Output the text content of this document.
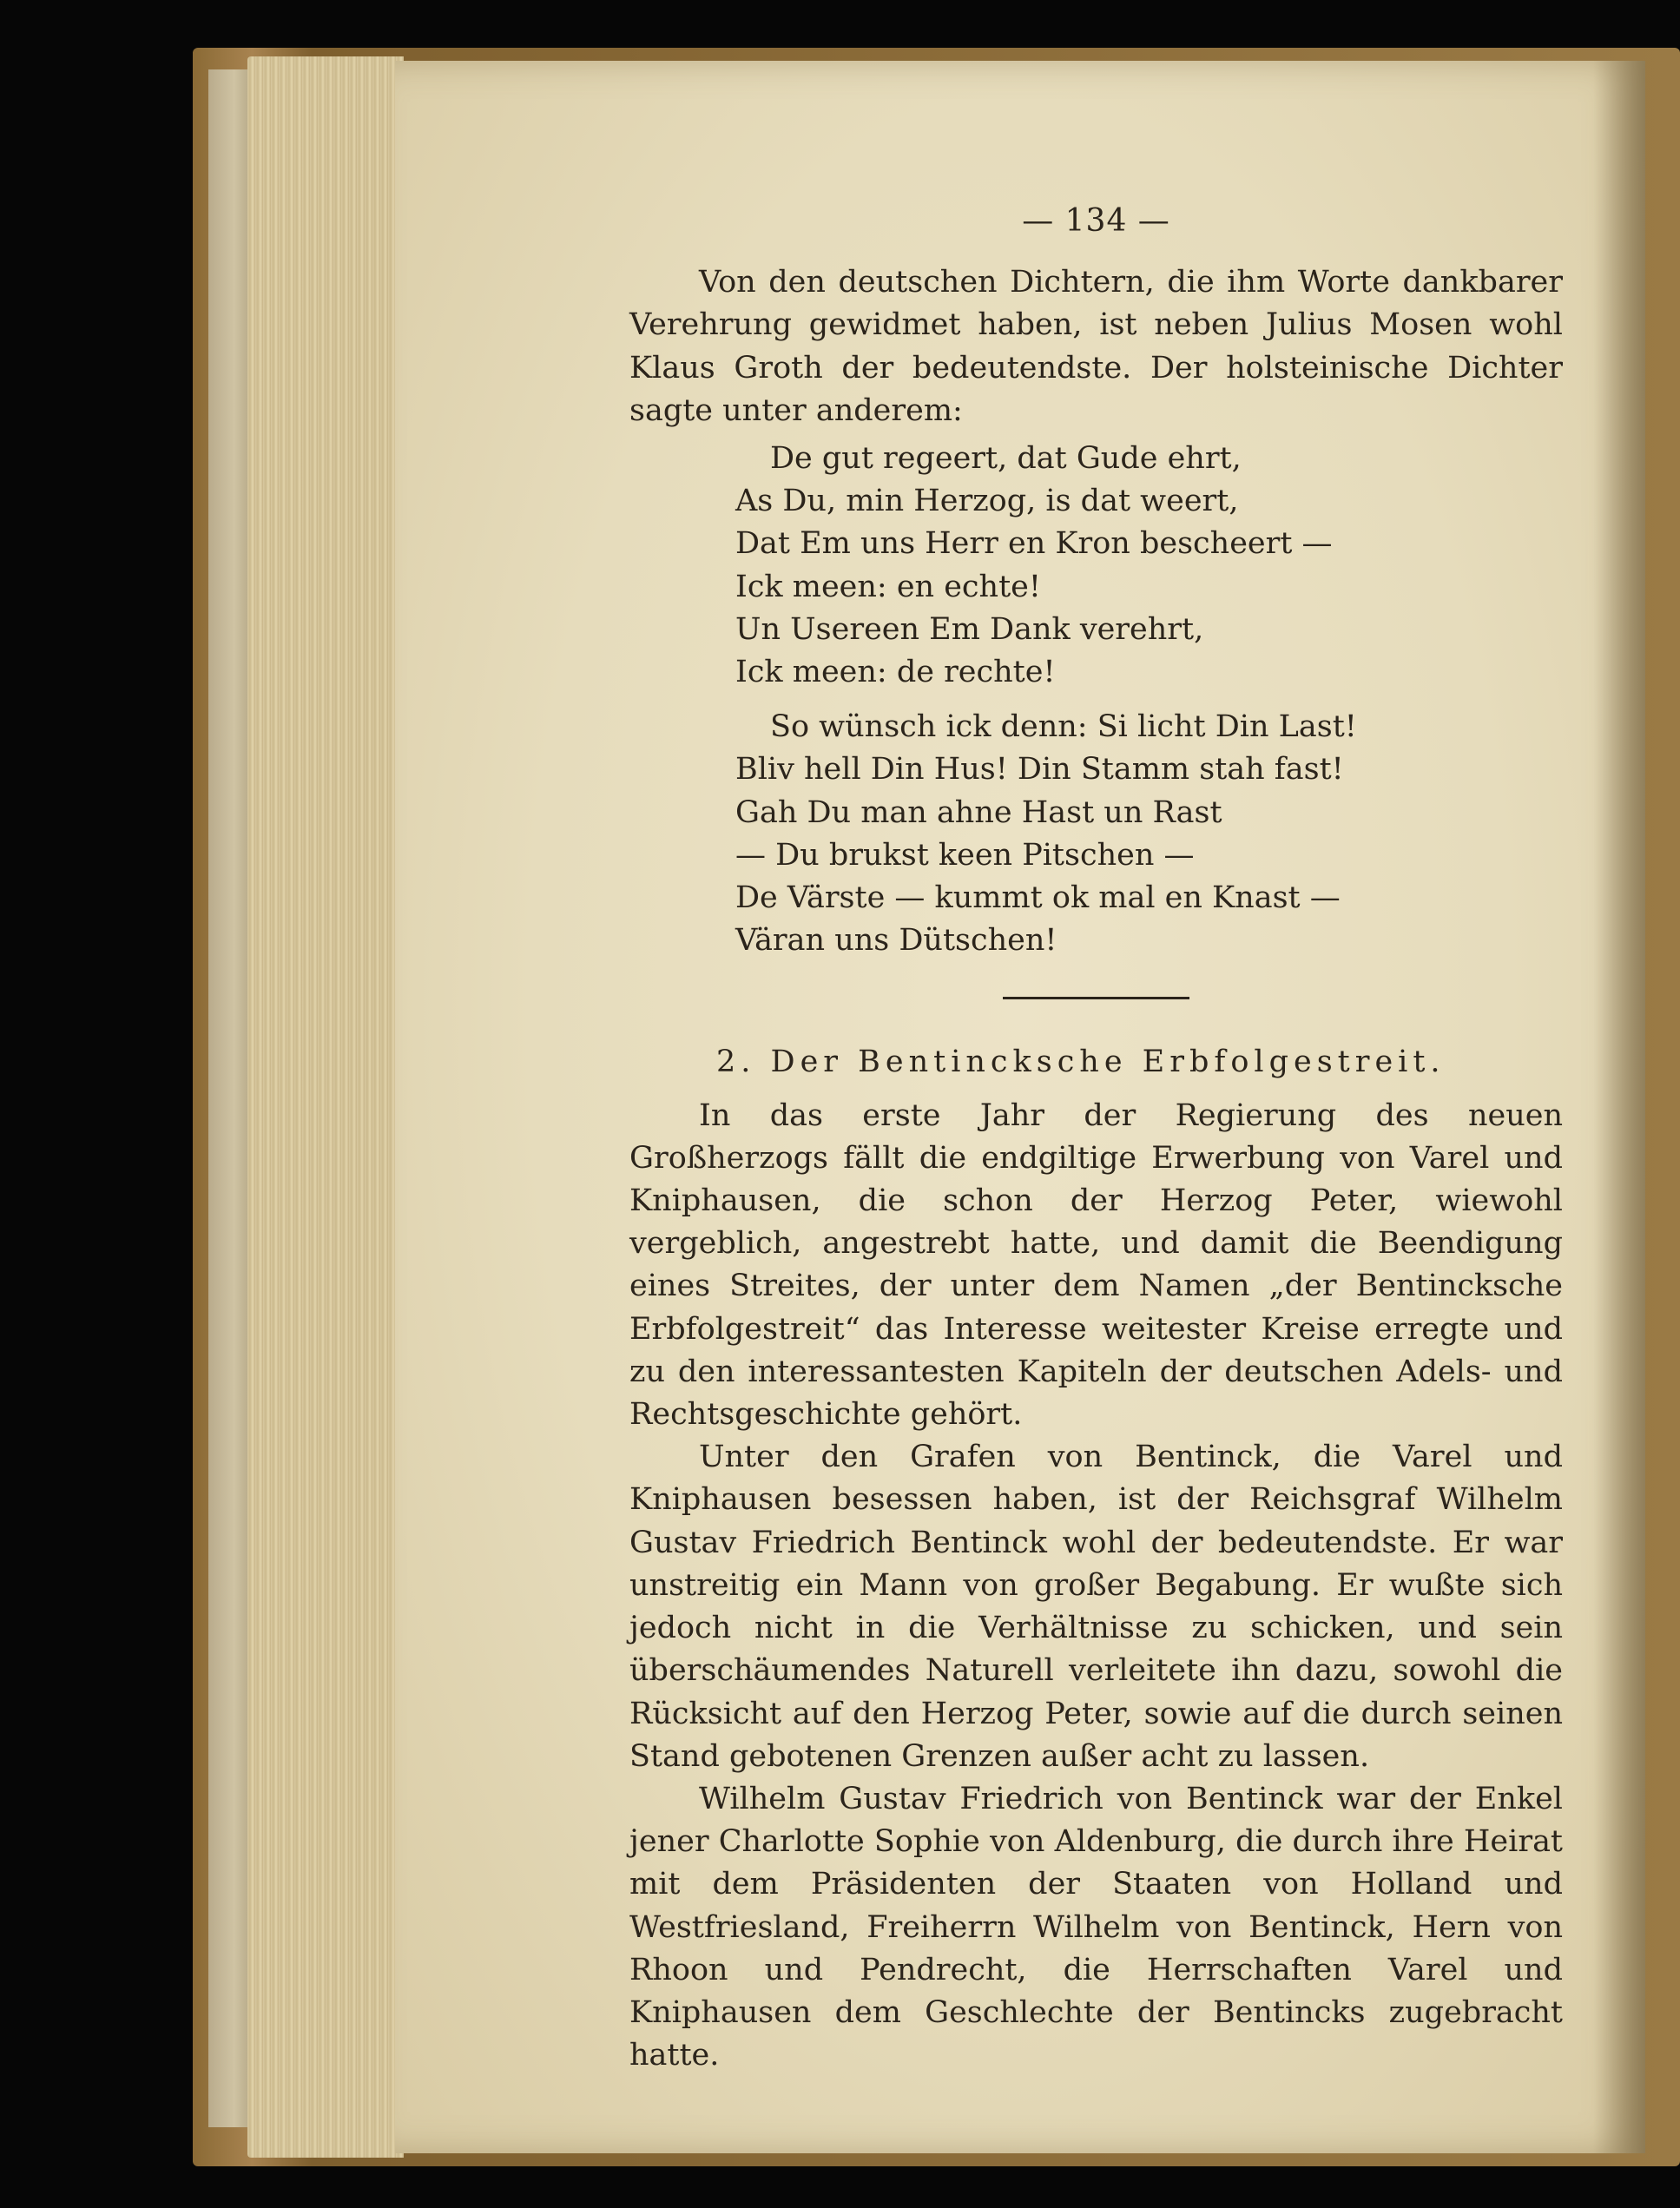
— 134 —

Von den deutschen Dichtern, die ihm Worte dankbarer Verehrung gewidmet haben, ist neben Julius Mosen wohl Klaus Groth der bedeutendste. Der holsteinische Dichter sagte unter anderem:

De gut regeert, dat Gude ehrt,
As Du, min Herzog, is dat weert,
Dat Em uns Herr en Kron bescheert —
Ick meen: en echte!
Un Usereen Em Dank verehrt,
Ick meen: de rechte!
So wünsch ick denn: Si licht Din Last!
Bliv hell Din Hus! Din Stamm stah fast!
Gah Du man ahne Hast un Rast
— Du brukst keen Pitschen —
De Värste — kummt ok mal en Knast —
Väran uns Dütschen!
2. Der Bentincksche Erbfolgestreit.

In das erste Jahr der Regierung des neuen Großherzogs fällt die endgiltige Erwerbung von Varel und Kniphausen, die schon der Herzog Peter, wiewohl vergeblich, angestrebt hatte, und damit die Beendigung eines Streites, der unter dem Namen „der Bentincksche Erbfolgestreit“ das Interesse weitester Kreise erregte und zu den interessantesten Kapiteln der deutschen Adels- und Rechtsgeschichte gehört.

Unter den Grafen von Bentinck, die Varel und Kniphausen besessen haben, ist der Reichsgraf Wilhelm Gustav Friedrich Bentinck wohl der bedeutendste. Er war unstreitig ein Mann von großer Begabung. Er wußte sich jedoch nicht in die Verhältnisse zu schicken, und sein überschäumendes Naturell verleitete ihn dazu, sowohl die Rücksicht auf den Herzog Peter, sowie auf die durch seinen Stand gebotenen Grenzen außer acht zu lassen.

Wilhelm Gustav Friedrich von Bentinck war der Enkel jener Charlotte Sophie von Aldenburg, die durch ihre Heirat mit dem Präsidenten der Staaten von Holland und Westfriesland, Freiherrn Wilhelm von Bentinck, Hern von Rhoon und Pendrecht, die Herrschaften Varel und Kniphausen dem Geschlechte der Bentincks zugebracht hatte.
